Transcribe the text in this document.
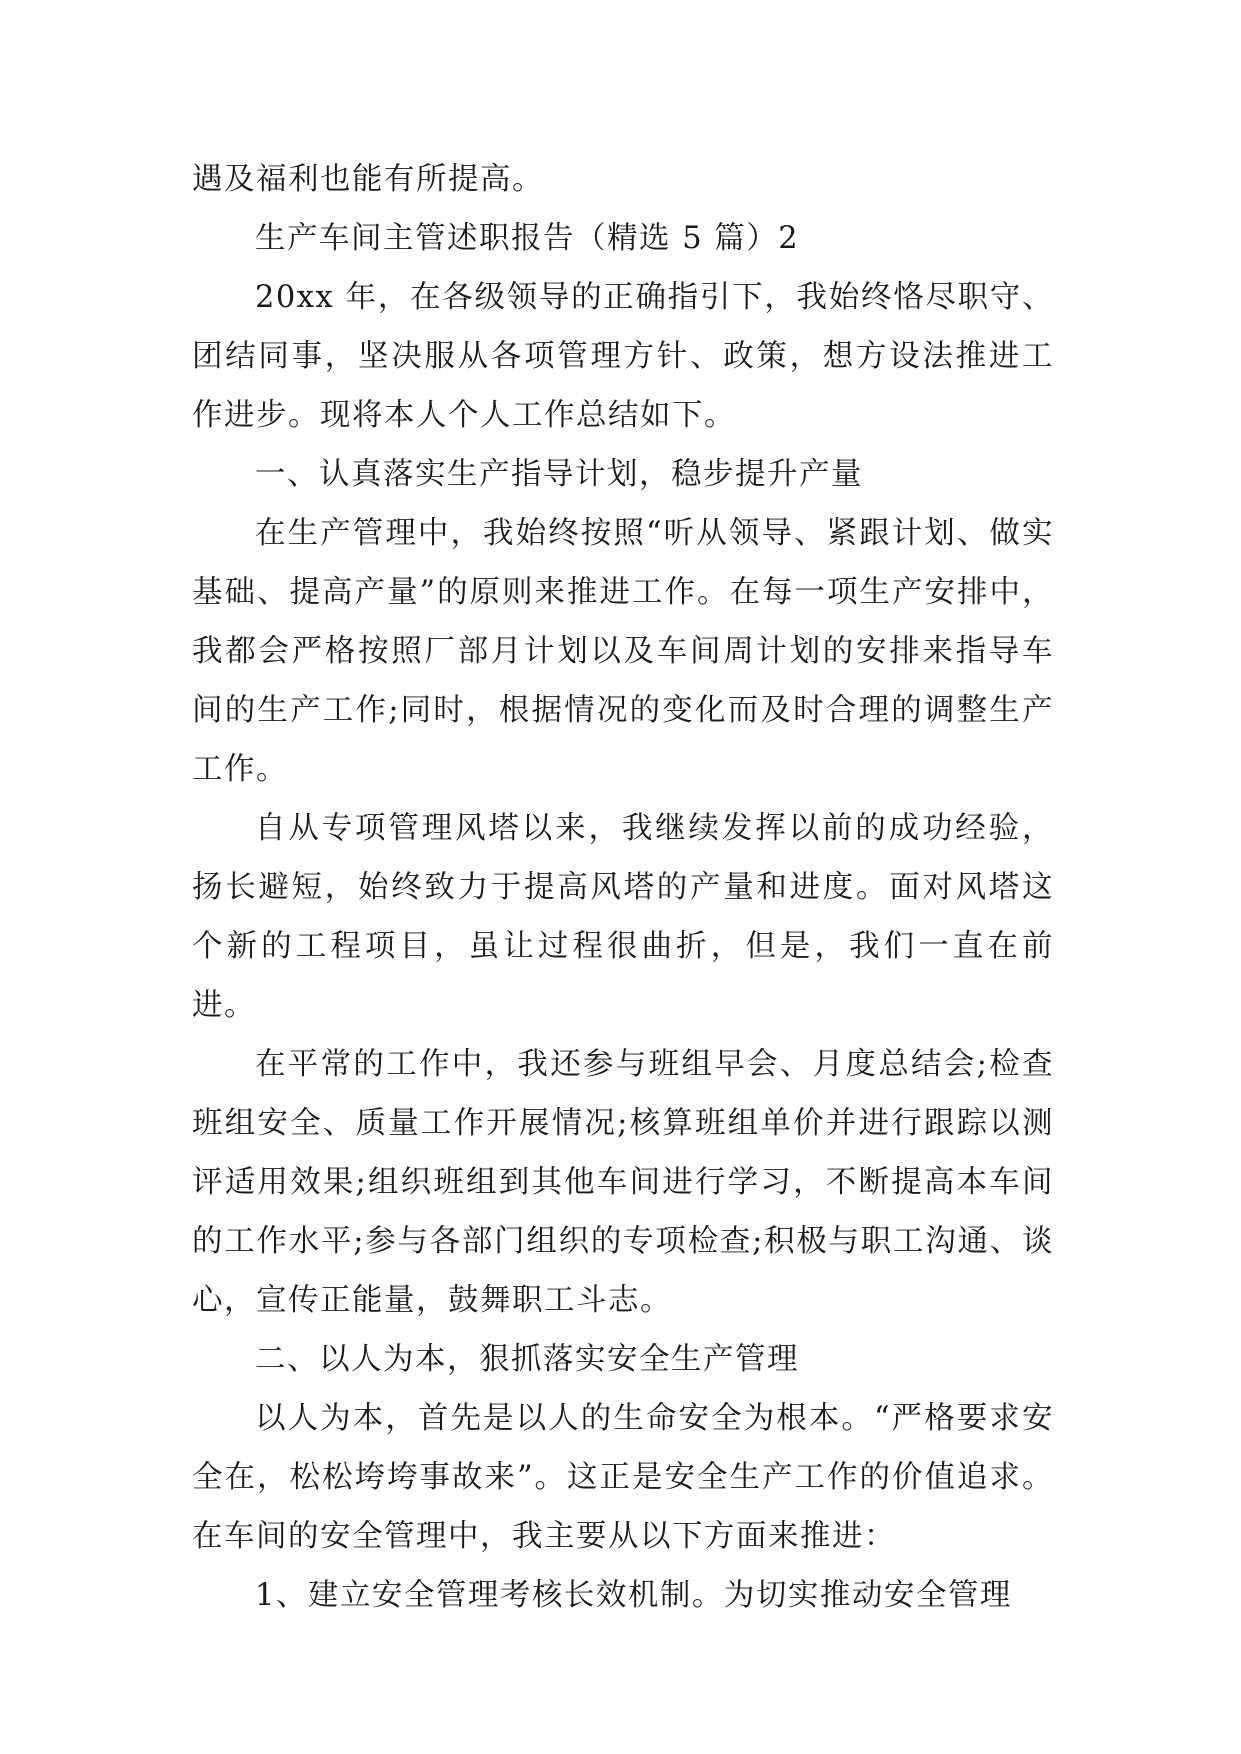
遇及福利也能有所提高。

生产车间主管述职报告（精选 5 篇）2

20xx 年，在各级领导的正确指引下，我始终恪尽职守、团结同事，坚决服从各项管理方针、政策，想方设法推进工作进步。现将本人个人工作总结如下。

一、认真落实生产指导计划，稳步提升产量

在生产管理中，我始终按照“听从领导、紧跟计划、做实基础、提高产量”的原则来推进工作。在每一项生产安排中，我都会严格按照厂部月计划以及车间周计划的安排来指导车间的生产工作;同时，根据情况的变化而及时合理的调整生产工作。

自从专项管理风塔以来，我继续发挥以前的成功经验，扬长避短，始终致力于提高风塔的产量和进度。面对风塔这个新的工程项目，虽让过程很曲折，但是，我们一直在前进。

在平常的工作中，我还参与班组早会、月度总结会;检查班组安全、质量工作开展情况;核算班组单价并进行跟踪以测评适用效果;组织班组到其他车间进行学习，不断提高本车间的工作水平;参与各部门组织的专项检查;积极与职工沟通、谈心，宣传正能量，鼓舞职工斗志。

二、以人为本，狠抓落实安全生产管理

以人为本，首先是以人的生命安全为根本。“严格要求安全在，松松垮垮事故来”。这正是安全生产工作的价值追求。在车间的安全管理中，我主要从以下方面来推进：

1、建立安全管理考核长效机制。为切实推动安全管理
